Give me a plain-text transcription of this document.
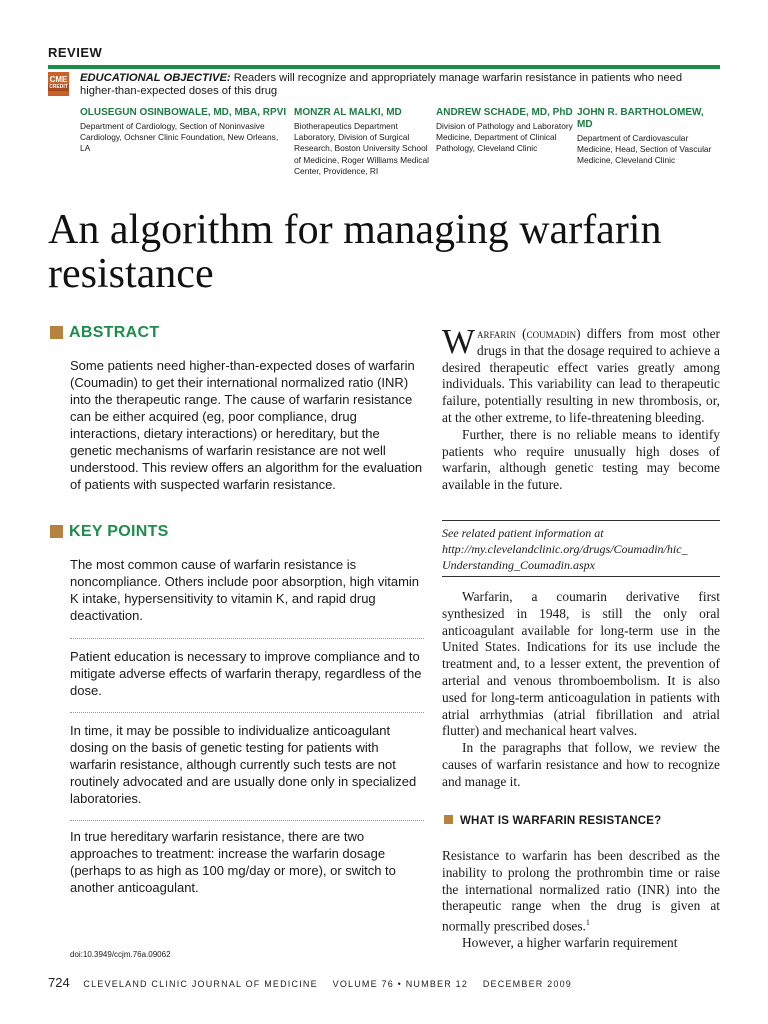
REVIEW
CME
CREDIT
EDUCATIONAL OBJECTIVE: Readers will recognize and appropriately manage warfarin resistance in patients who need higher-than-expected doses of this drug
OLUSEGUN OSINBOWALE, MD, MBA, RPVI
Department of Cardiology, Section of Noninvasive Cardiology, Ochsner Clinic Foundation, New Orleans, LA
MONZR AL MALKI, MD
Biotherapeutics Department Laboratory, Division of Surgical Research, Boston University School of Medicine, Roger Williams Medical Center, Providence, RI
ANDREW SCHADE, MD, PhD
Division of Pathology and Laboratory Medicine, Department of Clinical Pathology, Cleveland Clinic
JOHN R. BARTHOLOMEW, MD
Department of Cardiovascular Medicine, Head, Section of Vascular Medicine, Cleveland Clinic
An algorithm for managing warfarin resistance
ABSTRACT
Some patients need higher-than-expected doses of warfarin (Coumadin) to get their international normalized ratio (INR) into the therapeutic range. The cause of warfarin resistance can be either acquired (eg, poor compliance, drug interactions, dietary interactions) or hereditary, but the genetic mechanisms of warfarin resistance are not well understood. This review offers an algorithm for the evaluation of patients with suspected warfarin resistance.
KEY POINTS
The most common cause of warfarin resistance is noncompliance. Others include poor absorption, high vitamin K intake, hypersensitivity to vitamin K, and rapid drug deactivation.
Patient education is necessary to improve compliance and to mitigate adverse effects of warfarin therapy, regardless of the dose.
In time, it may be possible to individualize anticoagulant dosing on the basis of genetic testing for patients with warfarin resistance, although currently such tests are not routinely advocated and are usually done only in specialized laboratories.
In true hereditary warfarin resistance, there are two approaches to treatment: increase the warfarin dosage (perhaps to as high as 100 mg/day or more), or switch to another anticoagulant.
doi:10.3949/ccjm.76a.09062
Warfarin (coumadin) differs from most other drugs in that the dosage required to achieve a desired therapeutic effect varies greatly among individuals. This variability can lead to therapeutic failure, potentially resulting in new thrombosis, or, at the other extreme, to life-threatening bleeding.
Further, there is no reliable means to identify patients who require unusually high doses of warfarin, although genetic testing may become available in the future.
See related patient information at
http://my.clevelandclinic.org/drugs/Coumadin/hic_
Understanding_Coumadin.aspx
Warfarin, a coumarin derivative first synthesized in 1948, is still the only oral anticoagulant available for long-term use in the United States. Indications for its use include the treatment and, to a lesser extent, the prevention of arterial and venous thromboembolism. It is also used for long-term anticoagulation in patients with atrial arrhythmias (atrial fibrillation and atrial flutter) and mechanical heart valves.
In the paragraphs that follow, we review the causes of warfarin resistance and how to recognize and manage it.
WHAT IS WARFARIN RESISTANCE?
Resistance to warfarin has been described as the inability to prolong the prothrombin time or raise the international normalized ratio (INR) into the therapeutic range when the drug is given at normally prescribed doses.$^1$
However, a higher warfarin requirement
724 CLEVELAND CLINIC JOURNAL OF MEDICINE VOLUME 76 • NUMBER 12 DECEMBER 2009
